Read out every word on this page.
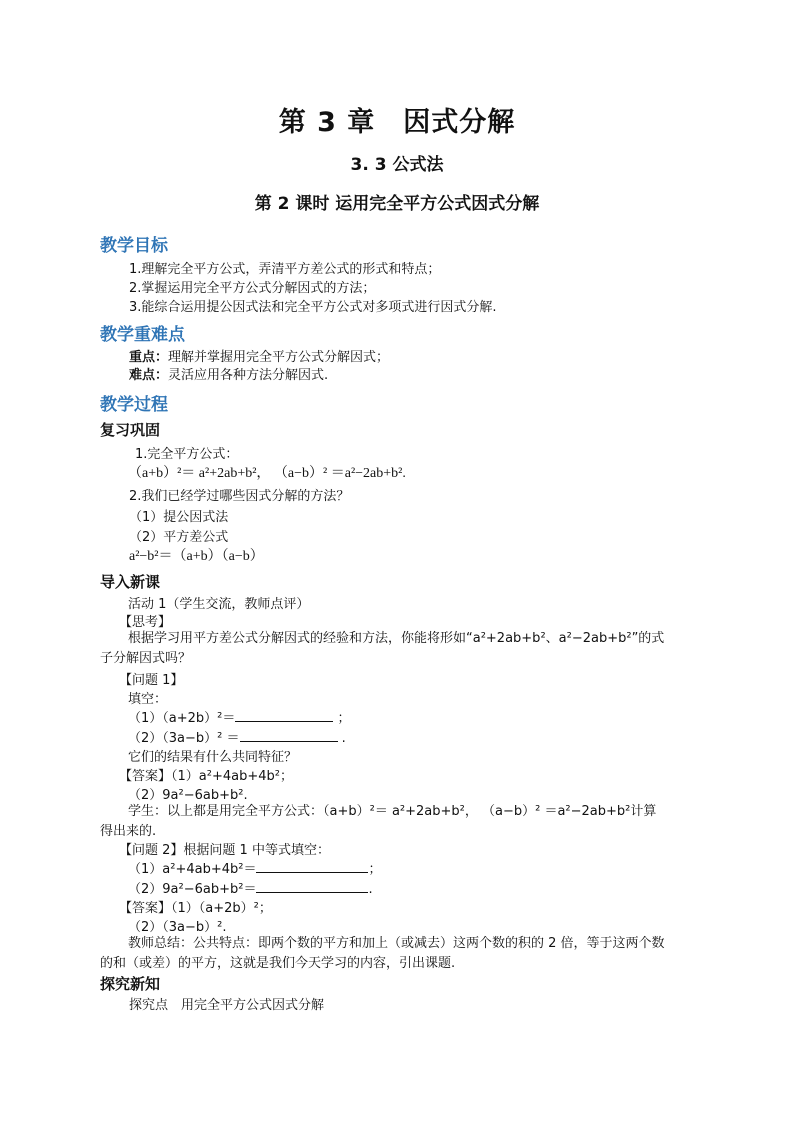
第 3 章　因式分解
3. 3 公式法
第 2 课时 运用完全平方公式因式分解
教学目标
1.理解完全平方公式，弄清平方差公式的形式和特点；
2.掌握运用完全平方公式分解因式的方法；
3.能综合运用提公因式法和完全平方公式对多项式进行因式分解.
教学重难点
重点：理解并掌握用完全平方公式分解因式；
难点：灵活应用各种方法分解因式.
教学过程
复习巩固
1.完全平方公式：
（a+b）²＝ a²+2ab+b²， （a−b）² ＝a²−2ab+b².
2.我们已经学过哪些因式分解的方法？
（1）提公因式法
（2）平方差公式
a²−b²＝（a+b）（a−b）
导入新课
活动 1（学生交流，教师点评）
【思考】
根据学习用平方差公式分解因式的经验和方法，你能将形如“a²+2ab+b²、a²−2ab+b²”的式子分解因式吗？
【问题 1】
填空：
（1）（a+2b）²＝	；
（2）（3a−b）² ＝	.
它们的结果有什么共同特征？
【答案】（1）a²+4ab+4b²；
（2）9a²−6ab+b².
学生：以上都是用完全平方公式：（a+b）²＝ a²+2ab+b²， （a−b）² ＝a²−2ab+b²计算得出来的.
【问题 2】根据问题 1 中等式填空：
（1）a²+4ab+4b²＝	；
（2）9a²−6ab+b²＝	.
【答案】（1）（a+2b）²；
（2）（3a−b）².
教师总结：公共特点：即两个数的平方和加上（或减去）这两个数的积的 2 倍，等于这两个数的和（或差）的平方，这就是我们今天学习的内容，引出课题.
探究新知
探究点　用完全平方公式因式分解
